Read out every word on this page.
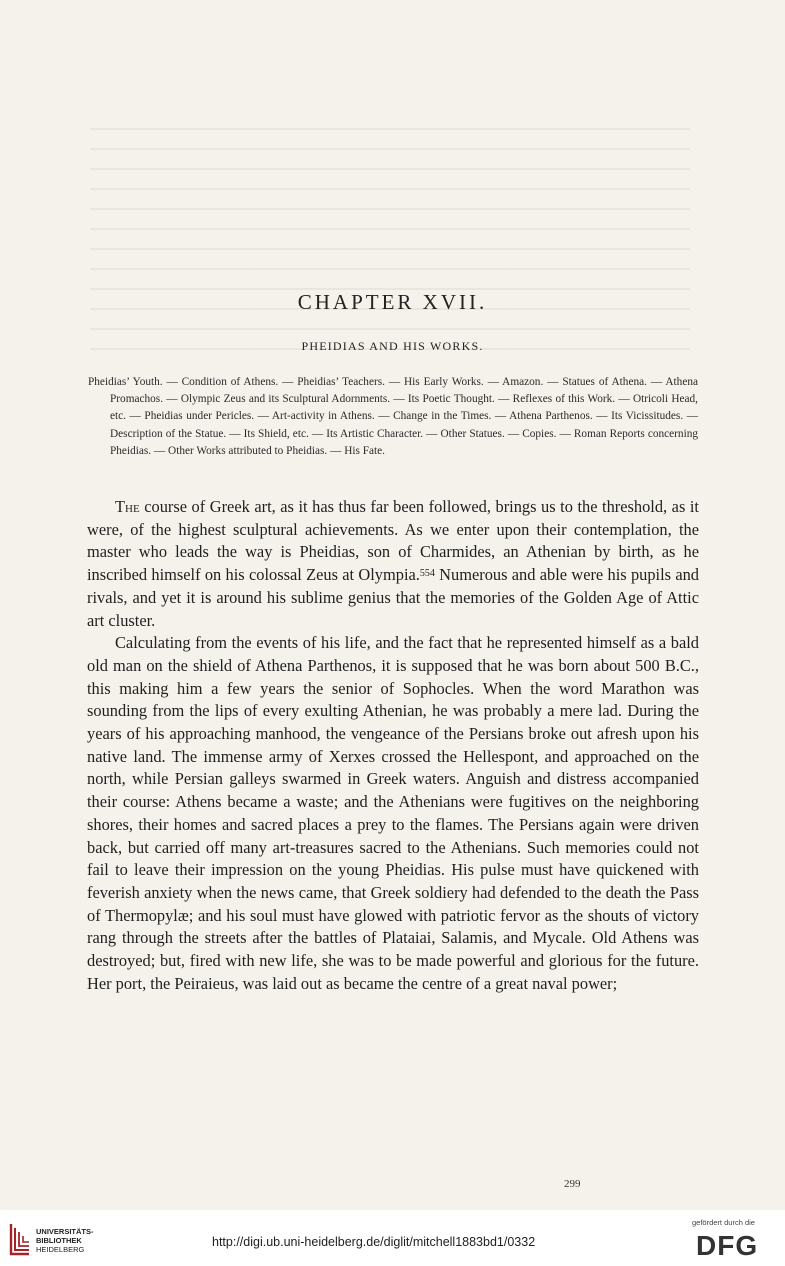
CHAPTER XVII.
PHEIDIAS AND HIS WORKS.
Pheidias’ Youth. — Condition of Athens. — Pheidias’ Teachers. — His Early Works. — Amazon. — Statues of Athena. — Athena Promachos. — Olympic Zeus and its Sculptural Adornments. — Its Poetic Thought. — Reflexes of this Work. — Otricoli Head, etc. — Pheidias under Pericles. — Art-activity in Athens. — Change in the Times. — Athena Parthenos. — Its Vicissitudes. — Description of the Statue. — Its Shield, etc. — Its Artistic Character. — Other Statues. — Copies. — Roman Reports concerning Pheidias. — Other Works attributed to Pheidias. — His Fate.

The course of Greek art, as it has thus far been followed, brings us to the threshold, as it were, of the highest sculptural achievements. As we enter upon their contemplation, the master who leads the way is Pheidias, son of Charmides, an Athenian by birth, as he inscribed himself on his colossal Zeus at Olympia.$^{554}$ Numerous and able were his pupils and rivals, and yet it is around his sublime genius that the memories of the Golden Age of Attic art cluster.

Calculating from the events of his life, and the fact that he represented himself as a bald old man on the shield of Athena Parthenos, it is supposed that he was born about 500 B.C., this making him a few years the senior of Sophocles. When the word Marathon was sounding from the lips of every exulting Athenian, he was probably a mere lad. During the years of his approaching manhood, the vengeance of the Persians broke out afresh upon his native land. The immense army of Xerxes crossed the Hellespont, and approached on the north, while Persian galleys swarmed in Greek waters. Anguish and distress accompanied their course: Athens became a waste; and the Athenians were fugitives on the neighboring shores, their homes and sacred places a prey to the flames. The Persians again were driven back, but carried off many art-treasures sacred to the Athenians. Such memories could not fail to leave their impression on the young Pheidias. His pulse must have quickened with feverish anxiety when the news came, that Greek soldiery had defended to the death the Pass of Thermopylæ; and his soul must have glowed with patriotic fervor as the shouts of victory rang through the streets after the battles of Plataiai, Salamis, and Mycale. Old Athens was destroyed; but, fired with new life, she was to be made powerful and glorious for the future. Her port, the Peiraieus, was laid out as became the centre of a great naval power;

299
UNIVERSITÄTS-
BIBLIOTHEK
HEIDELBERG
http://digi.ub.uni-heidelberg.de/diglit/mitchell1883bd1/0332
gefördert durch die
DFG
